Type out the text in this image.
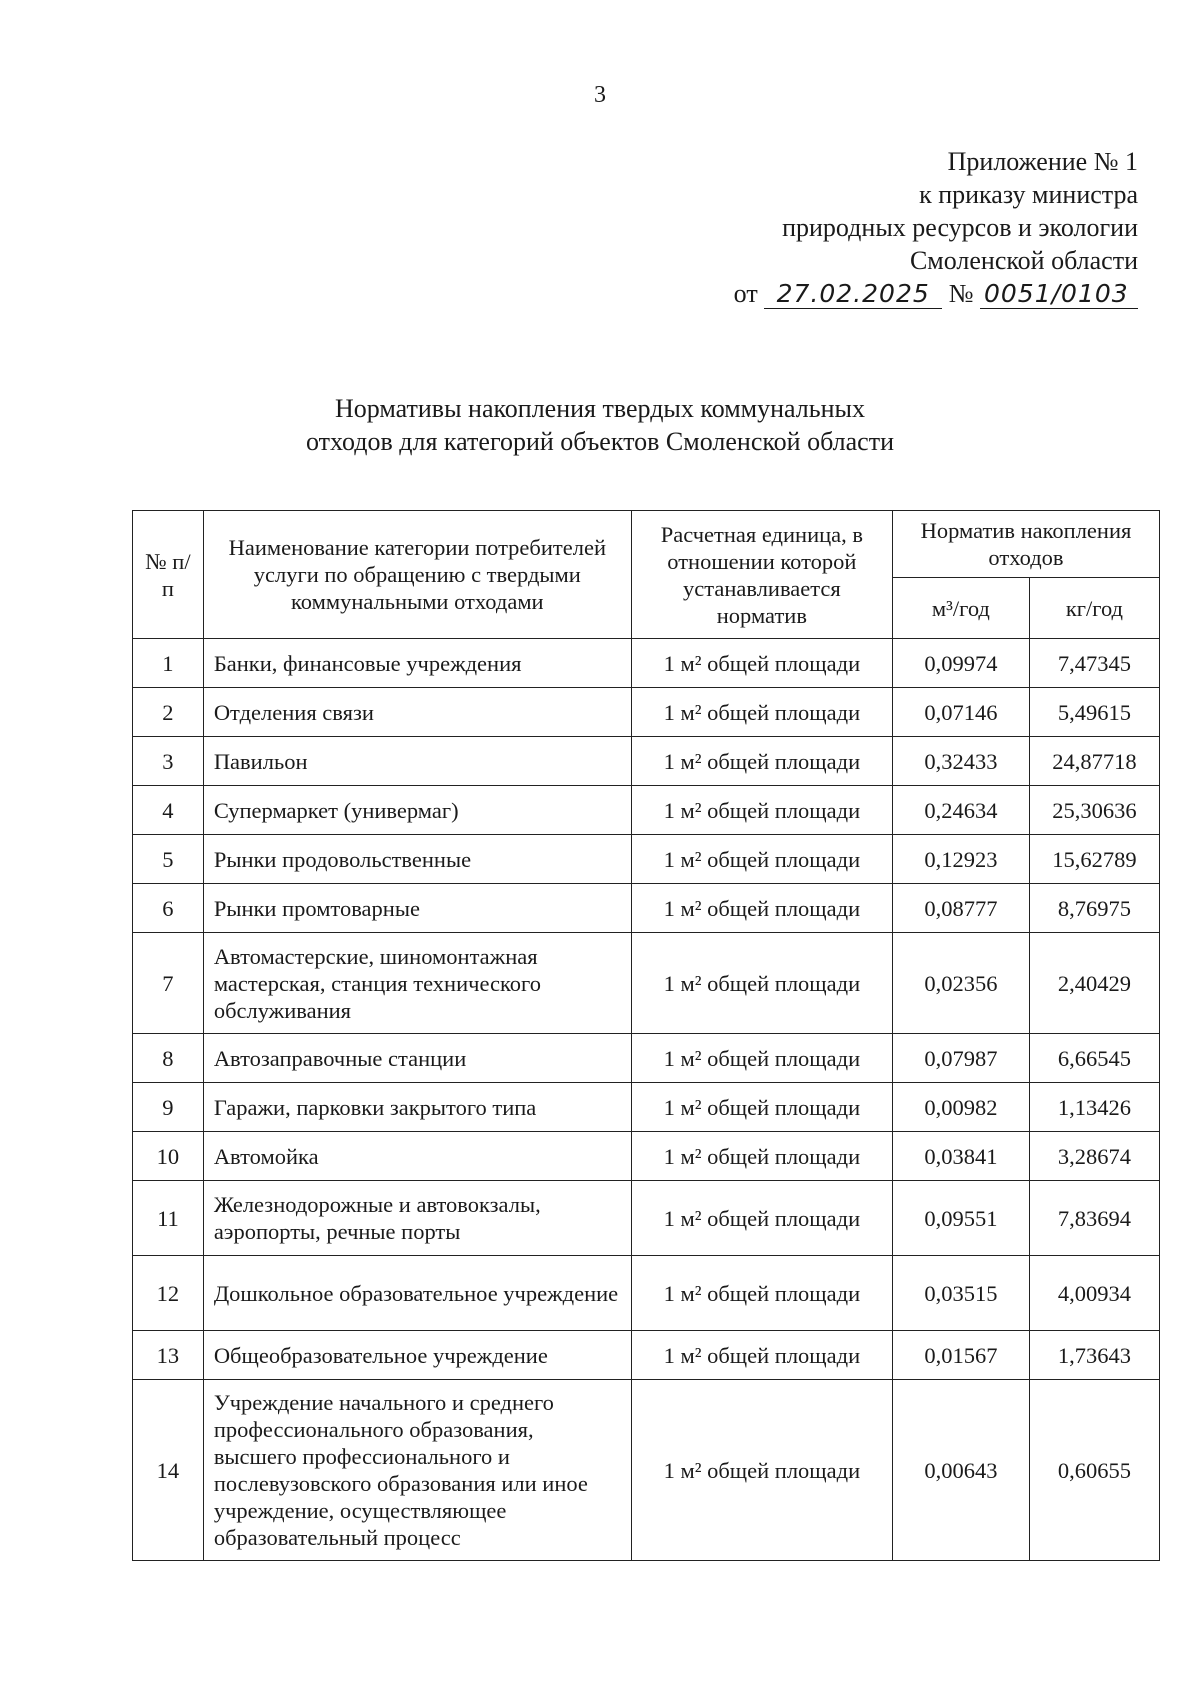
3
Приложение № 1
к приказу министра
природных ресурсов и экологии
Смоленской области
от 27.02.2025 № 0051/0103
Нормативы накопления твердых коммунальных
отходов для категорий объектов Смоленской области
№ п/п	Наименование категории потребителей услуги по обращению с твердыми коммунальными отходами	Расчетная единица, в отношении которой устанавливается норматив	Норматив накопления отходов	
			м³/год	кг/год
1	Банки, финансовые учреждения	1 м² общей площади	0,09974	7,47345
2	Отделения связи	1 м² общей площади	0,07146	5,49615
3	Павильон	1 м² общей площади	0,32433	24,87718
4	Супермаркет (универмаг)	1 м² общей площади	0,24634	25,30636
5	Рынки продовольственные	1 м² общей площади	0,12923	15,62789
6	Рынки промтоварные	1 м² общей площади	0,08777	8,76975
7	Автомастерские, шиномонтажная мастерская, станция технического обслуживания	1 м² общей площади	0,02356	2,40429
8	Автозаправочные станции	1 м² общей площади	0,07987	6,66545
9	Гаражи, парковки закрытого типа	1 м² общей площади	0,00982	1,13426
10	Автомойка	1 м² общей площади	0,03841	3,28674
11	Железнодорожные и автовокзалы, аэропорты, речные порты	1 м² общей площади	0,09551	7,83694
12	Дошкольное образовательное учреждение	1 м² общей площади	0,03515	4,00934
13	Общеобразовательное учреждение	1 м² общей площади	0,01567	1,73643
14	Учреждение начального и среднего профессионального образования, высшего профессионального и послевузовского образования или иное учреждение, осуществляющее образовательный процесс	1 м² общей площади	0,00643	0,60655
